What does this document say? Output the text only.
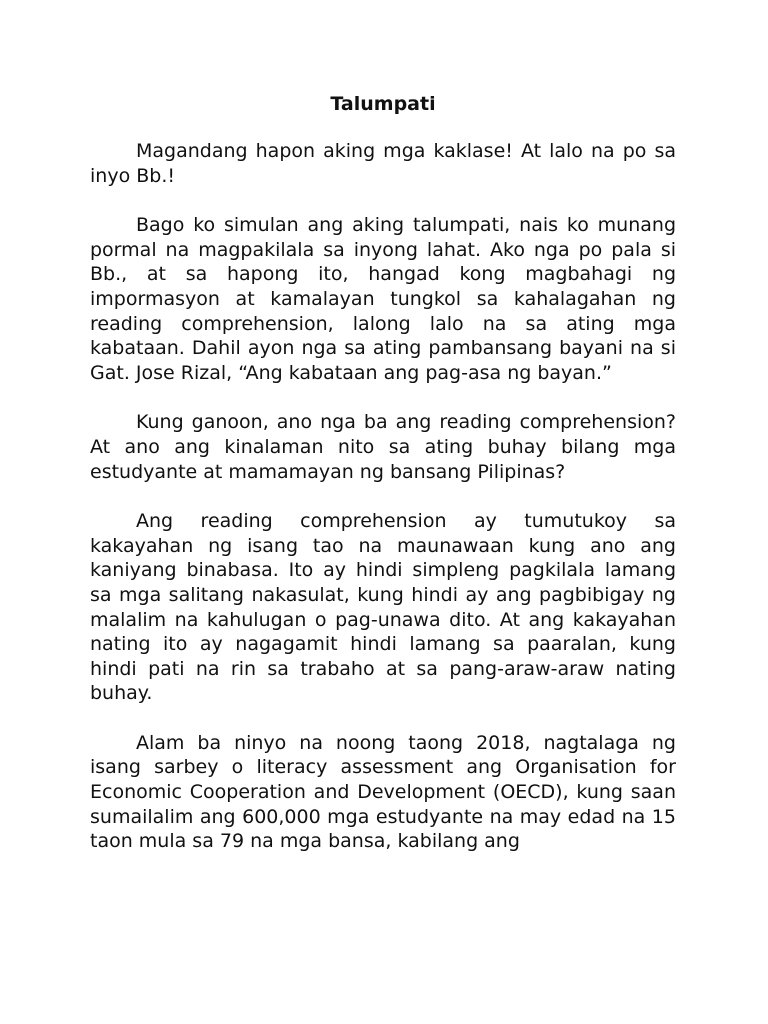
Talumpati

Magandang hapon aking mga kaklase! At lalo na po sa inyo Bb.!

Bago ko simulan ang aking talumpati, nais ko munang pormal na magpakilala sa inyong lahat. Ako nga po pala si Bb., at sa hapong ito, hangad kong magbahagi ng impormasyon at kamalayan tungkol sa kahalagahan ng reading comprehension, lalong lalo na sa ating mga kabataan. Dahil ayon nga sa ating pambansang bayani na si Gat. Jose Rizal, “Ang kabataan ang pag-asa ng bayan.”

Kung ganoon, ano nga ba ang reading comprehension? At ano ang kinalaman nito sa ating buhay bilang mga estudyante at mamamayan ng bansang Pilipinas?

Ang reading comprehension ay tumutukoy sa kakayahan ng isang tao na maunawaan kung ano ang kaniyang binabasa. Ito ay hindi simpleng pagkilala lamang sa mga salitang nakasulat, kung hindi ay ang pagbibigay ng malalim na kahulugan o pag-unawa dito. At ang kakayahan nating ito ay nagagamit hindi lamang sa paaralan, kung hindi pati na rin sa trabaho at sa pang-araw-araw nating buhay.

Alam ba ninyo na noong taong 2018, nagtalaga ng isang sarbey o literacy assessment ang Organisation for Economic Cooperation and Development (OECD), kung saan sumailalim ang 600,000 mga estudyante na may edad na 15 taon mula sa 79 na mga bansa, kabilang ang
